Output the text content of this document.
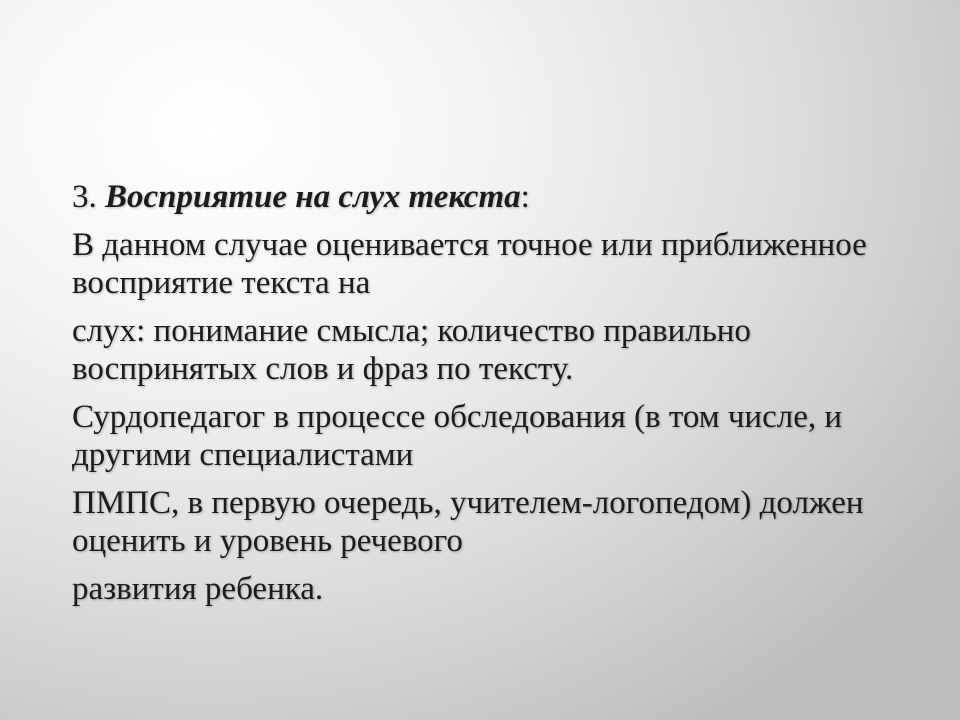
3. Восприятие на слух текста:

В данном случае оценивается точное или приближенное восприятие текста на

слух: понимание смысла; количество правильно воспринятых слов и фраз по тексту.

Сурдопедагог в процессе обследования (в том числе, и другими специалистами

ПМПС, в первую очередь, учителем-логопедом) должен оценить и уровень речевого

развития ребенка.
